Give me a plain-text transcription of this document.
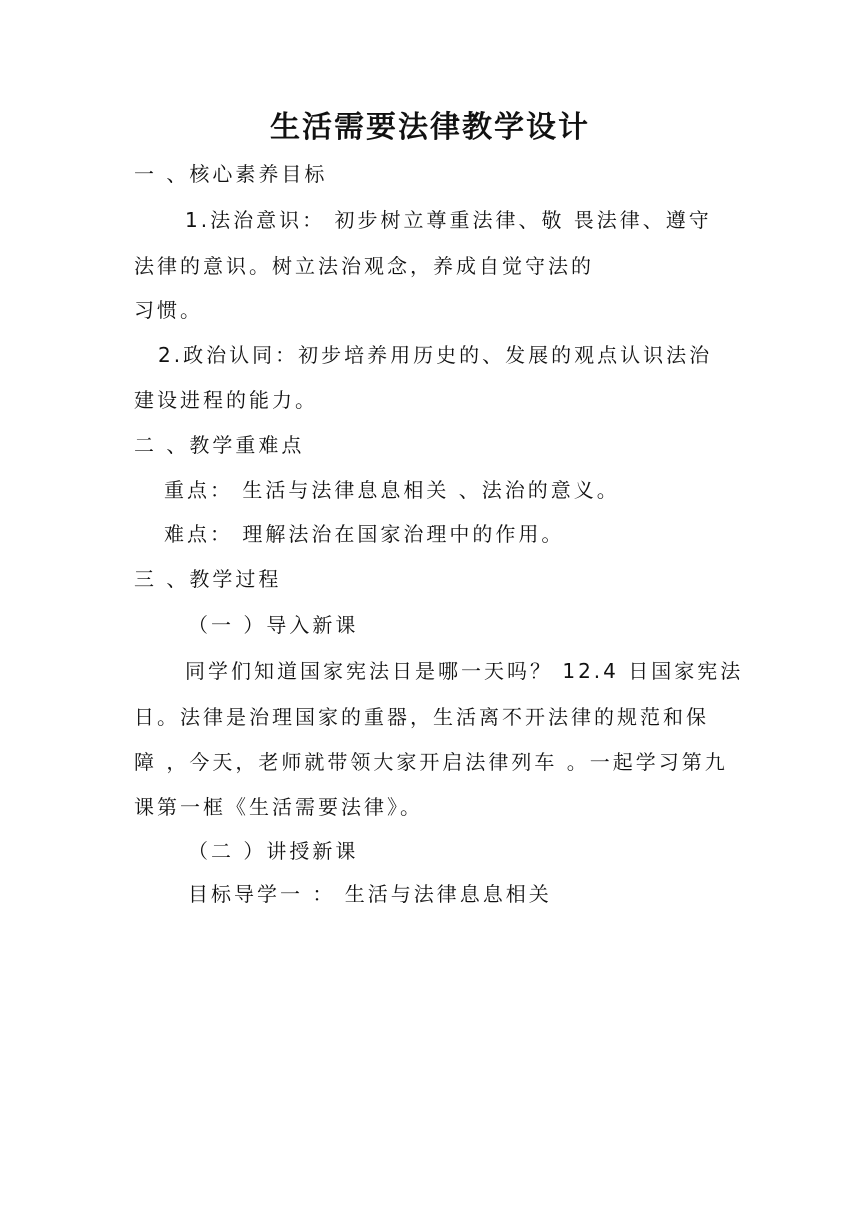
生活需要法律教学设计
一 、核心素养目标
1.法治意识： 初步树立尊重法律、敬 畏法律、遵守
法律的意识。树立法治观念，养成自觉守法的
习惯。
2.政治认同：初步培养用历史的、发展的观点认识法治
建设进程的能力。
二 、教学重难点
重点： 生活与法律息息相关 、法治的意义。
难点： 理解法治在国家治理中的作用。
三 、教学过程
（一 ）导入新课
同学们知道国家宪法日是哪一天吗？ 12.4 日国家宪法
日。法律是治理国家的重器，生活离不开法律的规范和保
障 ，今天，老师就带领大家开启法律列车 。一起学习第九
课第一框《生活需要法律》。
（二 ）讲授新课
目标导学一 ： 生活与法律息息相关
